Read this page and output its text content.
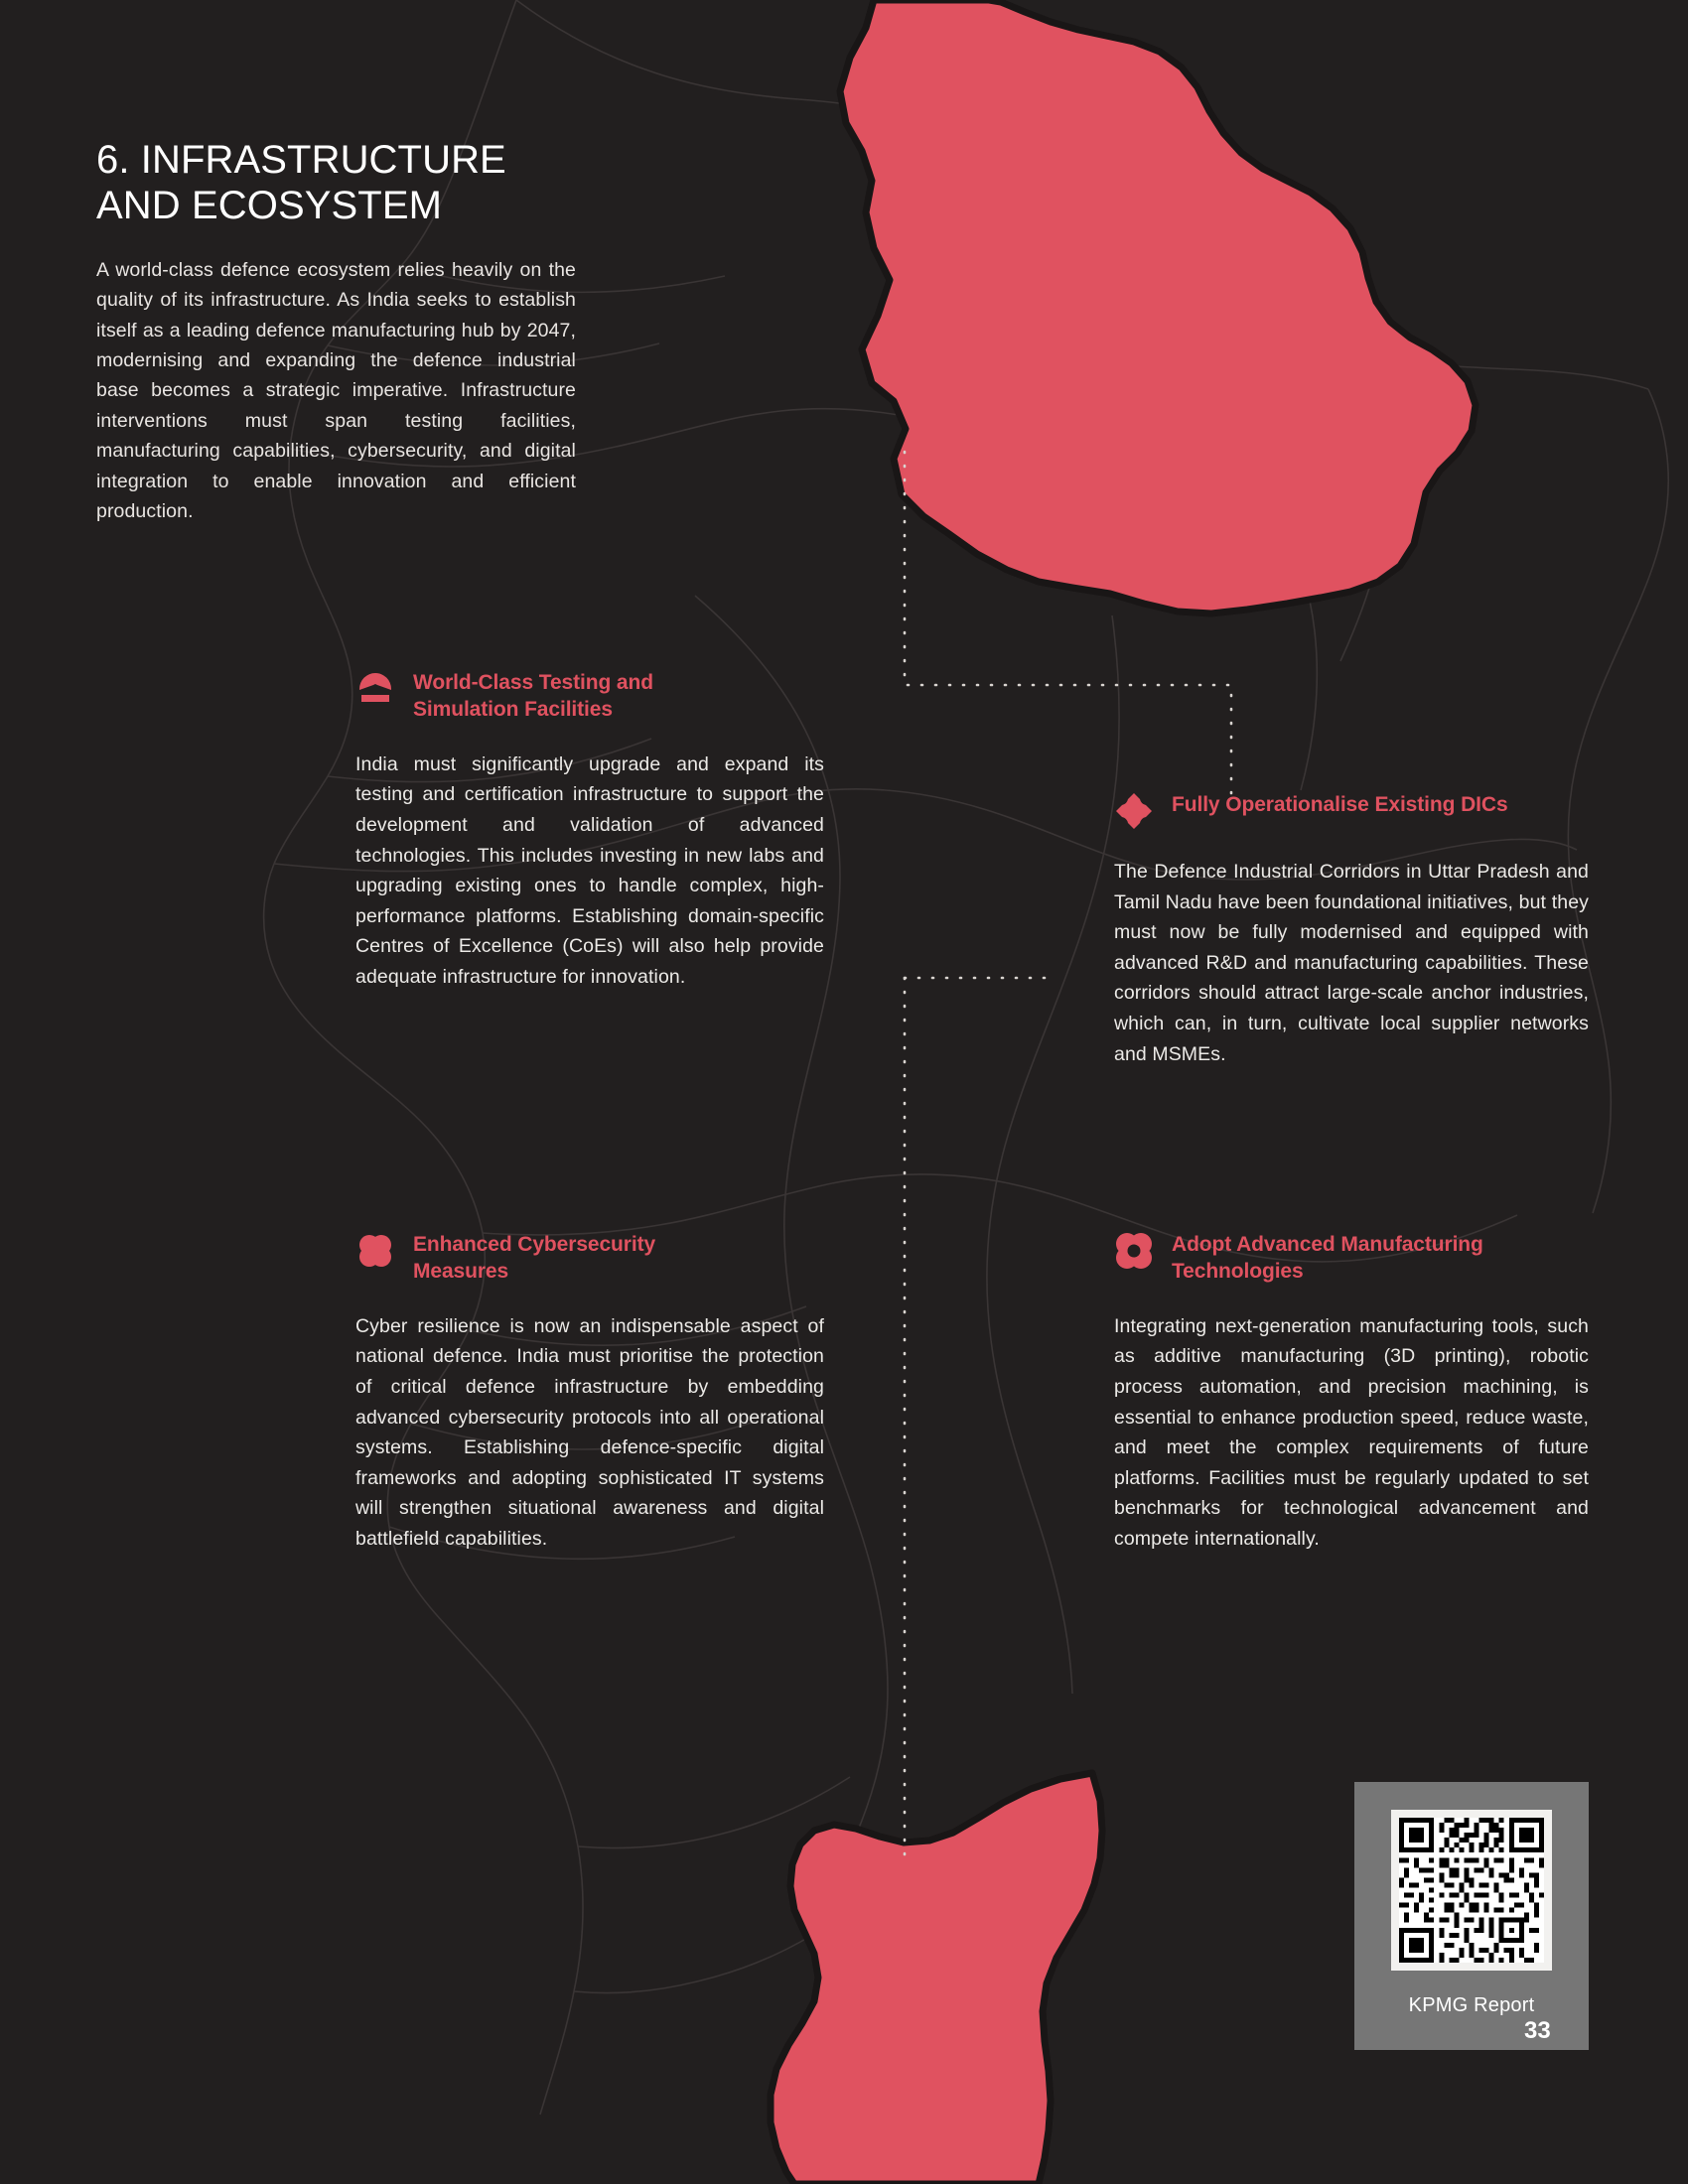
6. INFRASTRUCTURE AND ECOSYSTEM

A world-class defence ecosystem relies heavily on the quality of its infrastructure. As India seeks to establish itself as a leading defence manufacturing hub by 2047, modernising and expanding the defence industrial base becomes a strategic imperative. Infrastructure interventions must span testing facilities, manufacturing capabilities, cybersecurity, and digital integration to enable innovation and efficient production.

World-Class Testing and Simulation Facilities

India must significantly upgrade and expand its testing and certification infrastructure to support the development and validation of advanced technologies. This includes investing in new labs and upgrading existing ones to handle complex, high-performance platforms. Establishing domain-specific Centres of Excellence (CoEs) will also help provide adequate infrastructure for innovation.

Fully Operationalise Existing DICs

The Defence Industrial Corridors in Uttar Pradesh and Tamil Nadu have been foundational initiatives, but they must now be fully modernised and equipped with advanced R&D and manufacturing capabilities. These corridors should attract large-scale anchor industries, which can, in turn, cultivate local supplier networks and MSMEs.

Enhanced Cybersecurity Measures

Cyber resilience is now an indispensable aspect of national defence. India must prioritise the protection of critical defence infrastructure by embedding advanced cybersecurity protocols into all operational systems. Establishing defence-specific digital frameworks and adopting sophisticated IT systems will strengthen situational awareness and digital battlefield capabilities.

Adopt Advanced Manufacturing Technologies

Integrating next-generation manufacturing tools, such as additive manufacturing (3D printing), robotic process automation, and precision machining, is essential to enhance production speed, reduce waste, and meet the complex requirements of future platforms. Facilities must be regularly updated to set benchmarks for technological advancement and compete internationally.

KPMG Report
33
